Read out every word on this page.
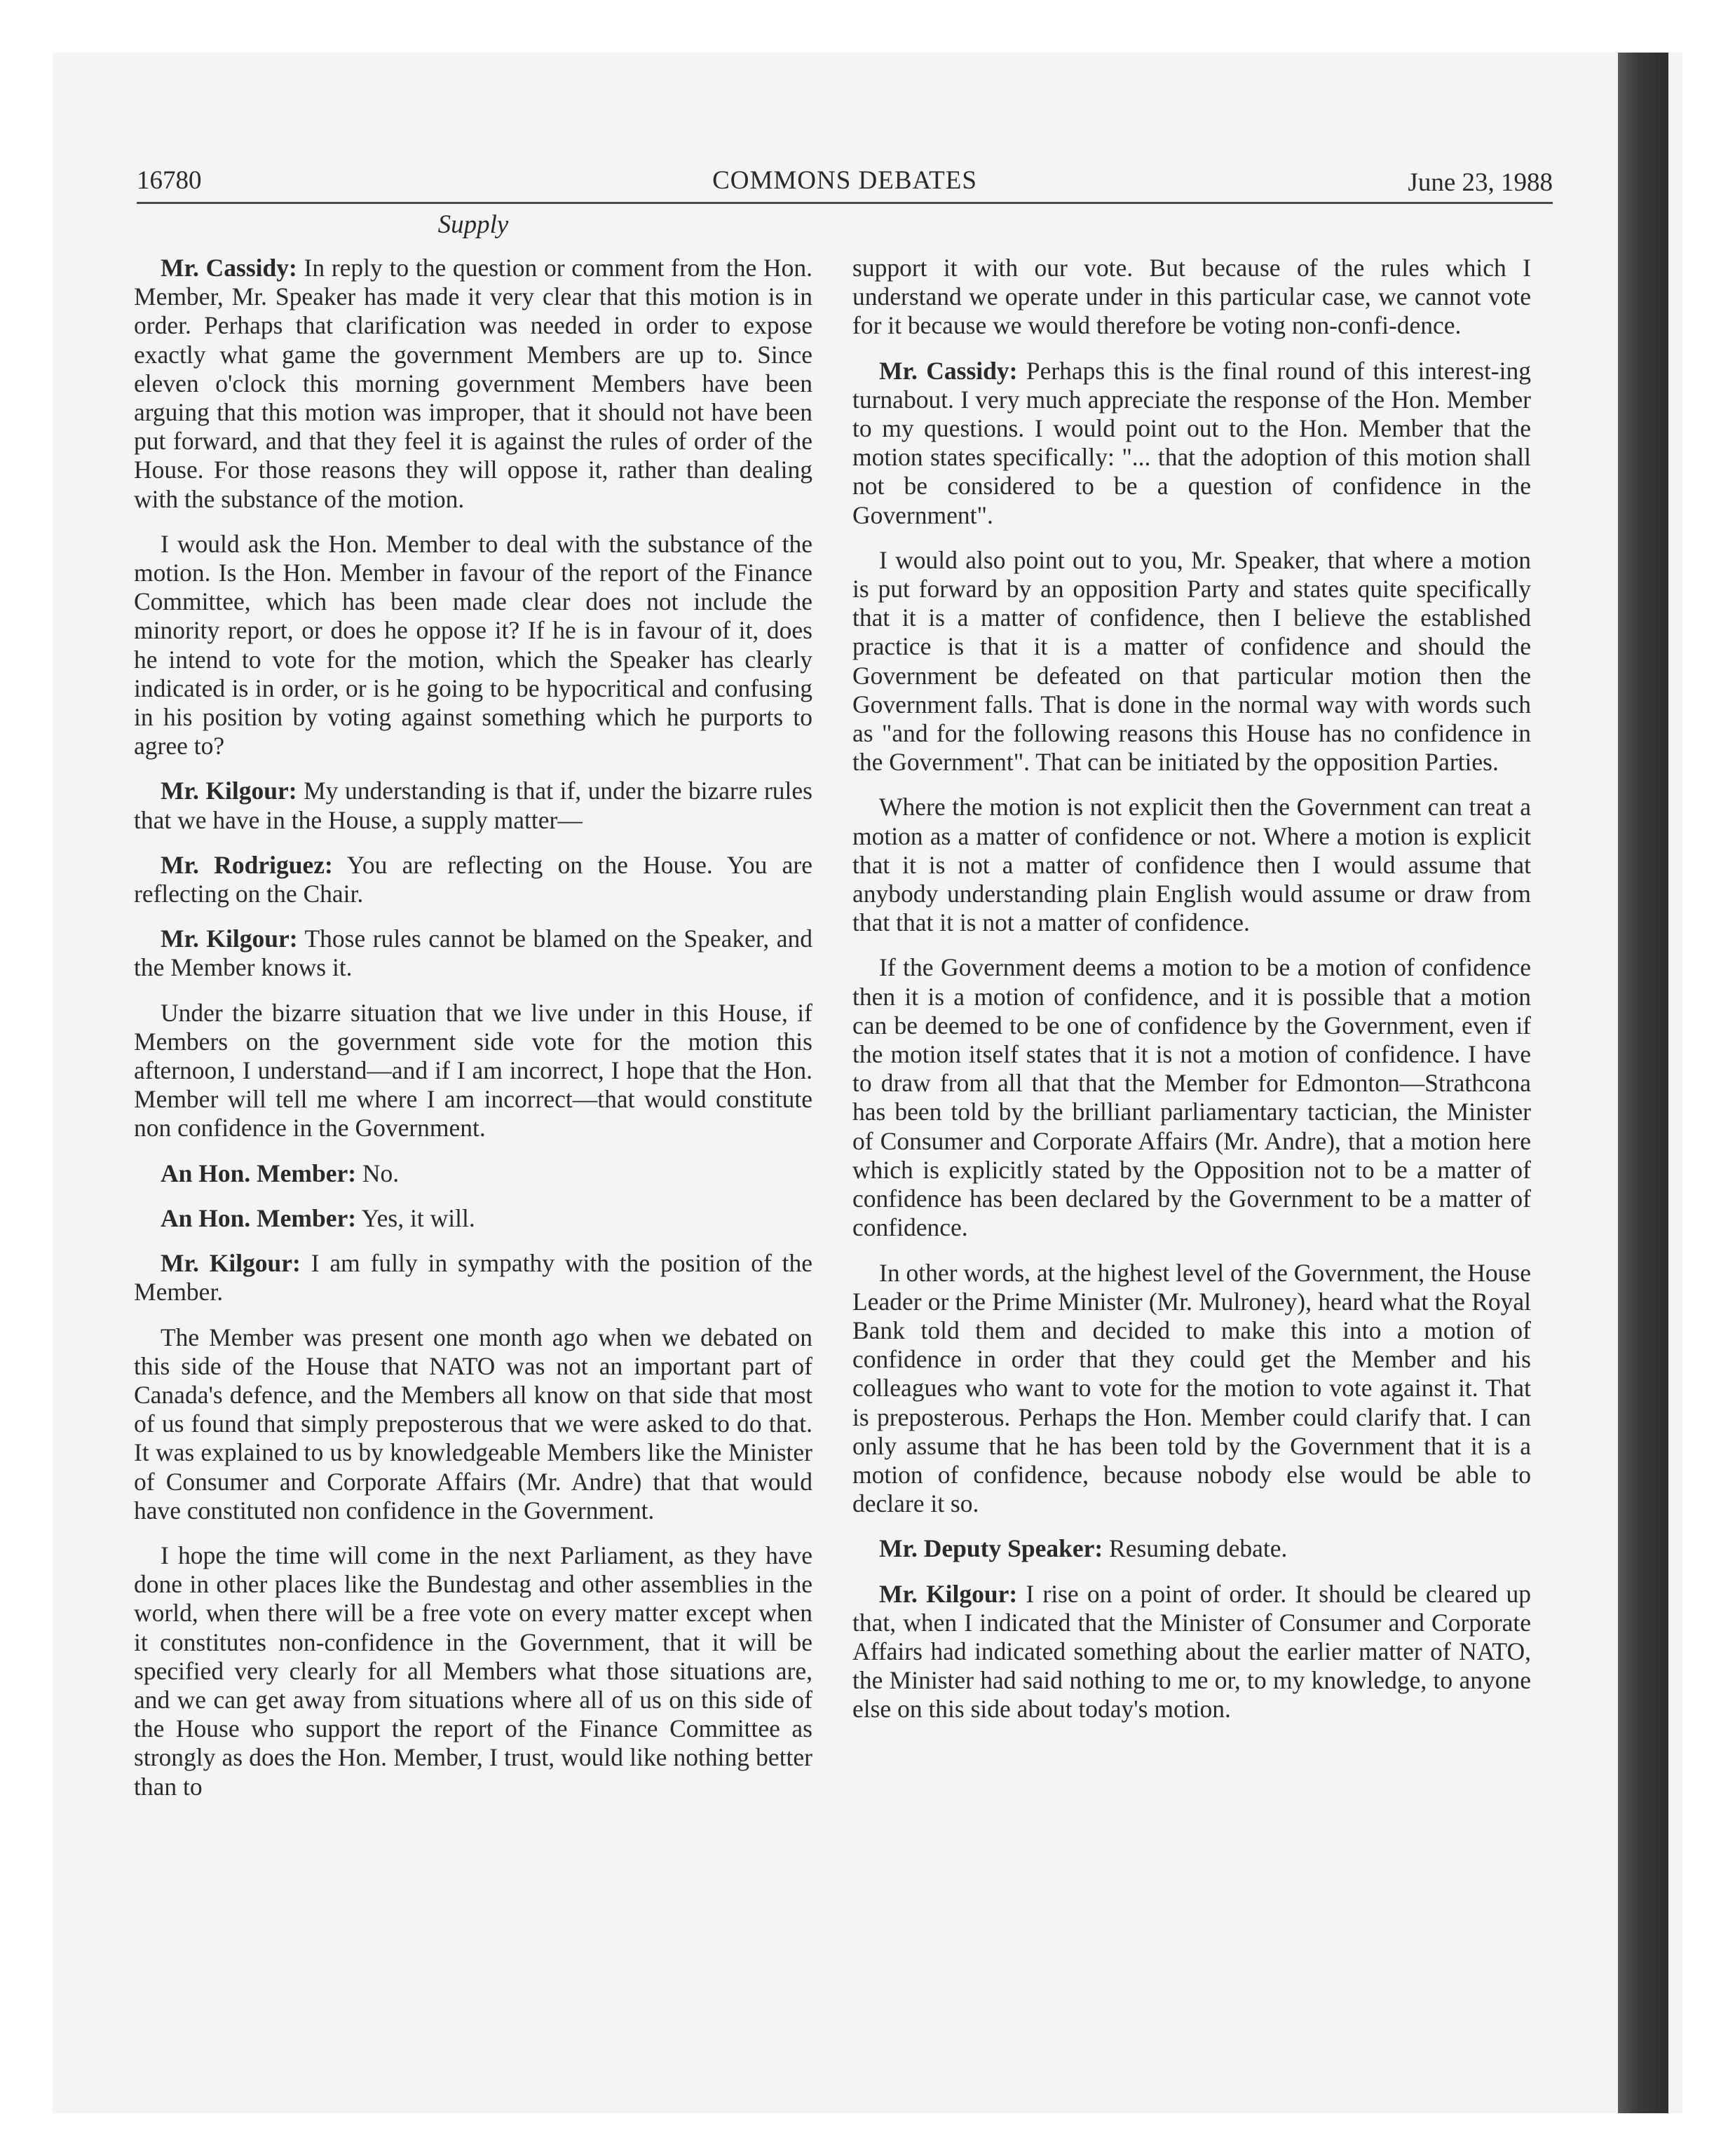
16780	COMMONS DEBATES	June 23, 1988
Supply

Mr. Cassidy: In reply to the question or comment from the Hon. Member, Mr. Speaker has made it very clear that this motion is in order. Perhaps that clarification was needed in order to expose exactly what game the government Members are up to. Since eleven o'clock this morning government Members have been arguing that this motion was improper, that it should not have been put forward, and that they feel it is against the rules of order of the House. For those reasons they will oppose it, rather than dealing with the substance of the motion.

I would ask the Hon. Member to deal with the substance of the motion. Is the Hon. Member in favour of the report of the Finance Committee, which has been made clear does not include the minority report, or does he oppose it? If he is in favour of it, does he intend to vote for the motion, which the Speaker has clearly indicated is in order, or is he going to be hypocritical and confusing in his position by voting against something which he purports to agree to?

Mr. Kilgour: My understanding is that if, under the bizarre rules that we have in the House, a supply matter—

Mr. Rodriguez: You are reflecting on the House. You are reflecting on the Chair.

Mr. Kilgour: Those rules cannot be blamed on the Speaker, and the Member knows it.

Under the bizarre situation that we live under in this House, if Members on the government side vote for the motion this afternoon, I understand—and if I am incorrect, I hope that the Hon. Member will tell me where I am incorrect—that would constitute non confidence in the Government.

An Hon. Member: No.

An Hon. Member: Yes, it will.

Mr. Kilgour: I am fully in sympathy with the position of the Member.

The Member was present one month ago when we debated on this side of the House that NATO was not an important part of Canada's defence, and the Members all know on that side that most of us found that simply preposterous that we were asked to do that. It was explained to us by knowledgeable Members like the Minister of Consumer and Corporate Affairs (Mr. Andre) that that would have constituted non confidence in the Government.

I hope the time will come in the next Parliament, as they have done in other places like the Bundestag and other assemblies in the world, when there will be a free vote on every matter except when it constitutes non-confidence in the Government, that it will be specified very clearly for all Members what those situations are, and we can get away from situations where all of us on this side of the House who support the report of the Finance Committee as strongly as does the Hon. Member, I trust, would like nothing better than to

support it with our vote. But because of the rules which I understand we operate under in this particular case, we cannot vote for it because we would therefore be voting non-confi-dence.

Mr. Cassidy: Perhaps this is the final round of this interest-ing turnabout. I very much appreciate the response of the Hon. Member to my questions. I would point out to the Hon. Member that the motion states specifically: "... that the adoption of this motion shall not be considered to be a question of confidence in the Government".

I would also point out to you, Mr. Speaker, that where a motion is put forward by an opposition Party and states quite specifically that it is a matter of confidence, then I believe the established practice is that it is a matter of confidence and should the Government be defeated on that particular motion then the Government falls. That is done in the normal way with words such as "and for the following reasons this House has no confidence in the Government". That can be initiated by the opposition Parties.

Where the motion is not explicit then the Government can treat a motion as a matter of confidence or not. Where a motion is explicit that it is not a matter of confidence then I would assume that anybody understanding plain English would assume or draw from that that it is not a matter of confidence.

If the Government deems a motion to be a motion of confidence then it is a motion of confidence, and it is possible that a motion can be deemed to be one of confidence by the Government, even if the motion itself states that it is not a motion of confidence. I have to draw from all that that the Member for Edmonton—Strathcona has been told by the brilliant parliamentary tactician, the Minister of Consumer and Corporate Affairs (Mr. Andre), that a motion here which is explicitly stated by the Opposition not to be a matter of confidence has been declared by the Government to be a matter of confidence.

In other words, at the highest level of the Government, the House Leader or the Prime Minister (Mr. Mulroney), heard what the Royal Bank told them and decided to make this into a motion of confidence in order that they could get the Member and his colleagues who want to vote for the motion to vote against it. That is preposterous. Perhaps the Hon. Member could clarify that. I can only assume that he has been told by the Government that it is a motion of confidence, because nobody else would be able to declare it so.

Mr. Deputy Speaker: Resuming debate.

Mr. Kilgour: I rise on a point of order. It should be cleared up that, when I indicated that the Minister of Consumer and Corporate Affairs had indicated something about the earlier matter of NATO, the Minister had said nothing to me or, to my knowledge, to anyone else on this side about today's motion.
